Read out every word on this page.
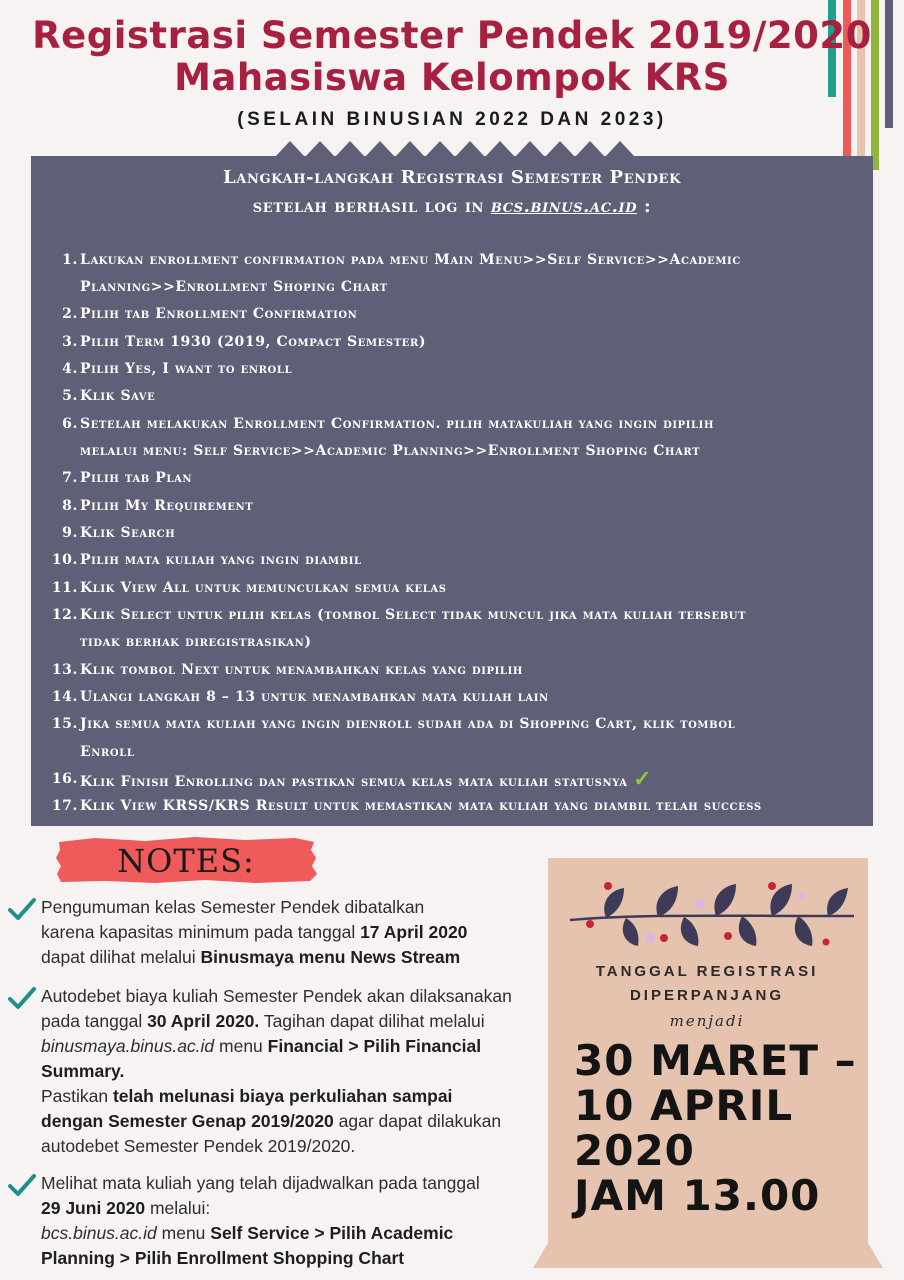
Registrasi Semester Pendek 2019/2020
Mahasiswa Kelompok KRS
(SELAIN BINUSIAN 2022 DAN 2023)
Langkah-langkah Registrasi Semester Pendek
setelah berhasil log in bcs.binus.ac.id :
1. Lakukan enrollment confirmation pada menu Main Menu>>Self Service>>Academic
Planning>>Enrollment Shoping Chart
2. Pilih tab Enrollment Confirmation
3. Pilih Term 1930 (2019, Compact Semester)
4. Pilih Yes, I want to enroll
5. Klik Save
6. Setelah melakukan Enrollment Confirmation. pilih matakuliah yang ingin dipilih
melalui menu: Self Service>>Academic Planning>>Enrollment Shoping Chart
7. Pilih tab Plan
8. Pilih My Requirement
9. Klik Search
10. Pilih mata kuliah yang ingin diambil
11. Klik View All untuk memunculkan semua kelas
12. Klik Select untuk pilih kelas (tombol Select tidak muncul jika mata kuliah tersebut
tidak berhak diregistrasikan)
13. Klik tombol Next untuk menambahkan kelas yang dipilih
14. Ulangi langkah 8 – 13 untuk menambahkan mata kuliah lain
15. Jika semua mata kuliah yang ingin dienroll sudah ada di Shopping Cart, klik tombol
Enroll
16. Klik Finish Enrolling dan pastikan semua kelas mata kuliah statusnya ✓
17. Klik View KRSS/KRS Result untuk memastikan mata kuliah yang diambil telah success
NOTES:
Pengumuman kelas Semester Pendek dibatalkan
karena kapasitas minimum pada tanggal 17 April 2020
dapat dilihat melalui Binusmaya menu News Stream
Autodebet biaya kuliah Semester Pendek akan dilaksanakan
pada tanggal 30 April 2020. Tagihan dapat dilihat melalui
binusmaya.binus.ac.id menu Financial > Pilih Financial
Summary.
Pastikan telah melunasi biaya perkuliahan sampai
dengan Semester Genap 2019/2020 agar dapat dilakukan
autodebet Semester Pendek 2019/2020.
Melihat mata kuliah yang telah dijadwalkan pada tanggal
29 Juni 2020 melalui:
bcs.binus.ac.id menu Self Service > Pilih Academic
Planning > Pilih Enrollment Shopping Chart
TANGGAL REGISTRASI
DIPERPANJANG
menjadi
30 MARET –
10 APRIL
2020
JAM 13.00
